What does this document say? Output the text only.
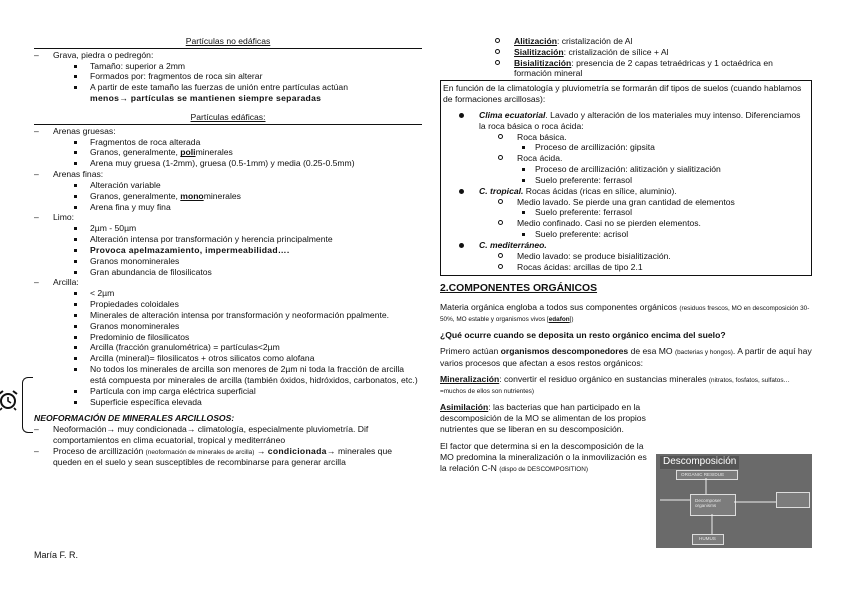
Partículas no edáficas
– Grava, piedra o pedregón:
Tamaño: superior a 2mm
Formados por: fragmentos de roca sin alterar
A partir de este tamaño las fuerzas de unión entre partículas actúan
menos→ partículas se mantienen siempre separadas
Partículas edáficas:
– Arenas gruesas:
Fragmentos de roca alterada
Granos, generalmente, poliminerales
Arena muy gruesa (1-2mm), gruesa (0.5-1mm) y media (0.25-0.5mm)
– Arenas finas:
Alteración variable
Granos, generalmente, monominerales
Arena fina y muy fina
– Limo:
2µm - 50µm
Alteración intensa por transformación y herencia principalmente
Provoca apelmazamiento, impermeabilidad….
Granos monominerales
Gran abundancia de filosilicatos
– Arcilla:
< 2µm
Propiedades coloidales
Minerales de alteración intensa por transformación y neoformación ppalmente.
Granos monominerales
Predominio de filosilicatos
Arcilla (fracción granulométrica) = partículas<2µm
Arcilla (mineral)= filosilicatos + otros silicatos como alofana
No todos los minerales de arcilla son menores de 2µm ni toda la fracción de arcilla está compuesta por minerales de arcilla (también óxidos, hidróxidos, carbonatos, etc.)
Partícula con imp carga eléctrica superficial
Superficie específica elevada
NEOFORMACIÓN DE MINERALES ARCILLOSOS:
– Neoformación→ muy condicionada→ climatología, especialmente pluviometría. Dif comportamientos en clima ecuatorial, tropical y mediterráneo
– Proceso de arcillización (neoformación de minerales de arcilla) → condicionada→ minerales que queden en el suelo y sean susceptibles de recombinarse para generar arcilla
María F. R.
Alitización: cristalización de Al
Sialitización: cristalización de sílice + Al
Bisialitización: presencia de 2 capas tetraédricas y 1 octaédrica en formación mineral
En función de la climatología y pluviometría se formarán dif tipos de suelos (cuando hablamos de formaciones arcillosas):
Clima ecuatorial. Lavado y alteración de los materiales muy intenso. Diferenciamos la roca básica o roca ácida:
Roca básica.
Proceso de arcillización: gipsita
Roca ácida.
Proceso de arcillización: alitización y sialitización
Suelo preferente: ferrasol
C. tropical. Rocas ácidas (ricas en sílice, aluminio).
Medio lavado. Se pierde una gran cantidad de elementos
Suelo preferente: ferrasol
Medio confinado. Casi no se pierden elementos.
Suelo preferente: acrisol
C. mediterráneo.
Medio lavado: se produce bisialitización.
Rocas ácidas: arcillas de tipo 2.1
2.COMPONENTES ORGÁNICOS
Materia orgánica engloba a todos sus componentes orgánicos (residuos frescos, MO en descomposición 30-50%, MO estable y organismos vivos [edafon])
¿Qué ocurre cuando se deposita un resto orgánico encima del suelo?
Primero actúan organismos descomponedores de esa MO (bacterias y hongos). A partir de aquí hay varios procesos que afectan a esos restos orgánicos:
Mineralización: convertir el residuo orgánico en sustancias minerales (nitratos, fosfatos, sulfatos…=muchos de ellos son nutrientes)
Asimilación: las bacterias que han participado en la descomposición de la MO se alimentan de los propios nutrientes que se liberan en su descomposición.
El factor que determina si en la descomposición de la MO predomina la mineralización o la inmovilización es la relación C-N (dispo de DESCOMPOSITION)
Descomposición
ORGANIC RESIDUE
Decomposer organisms
HUMUS
